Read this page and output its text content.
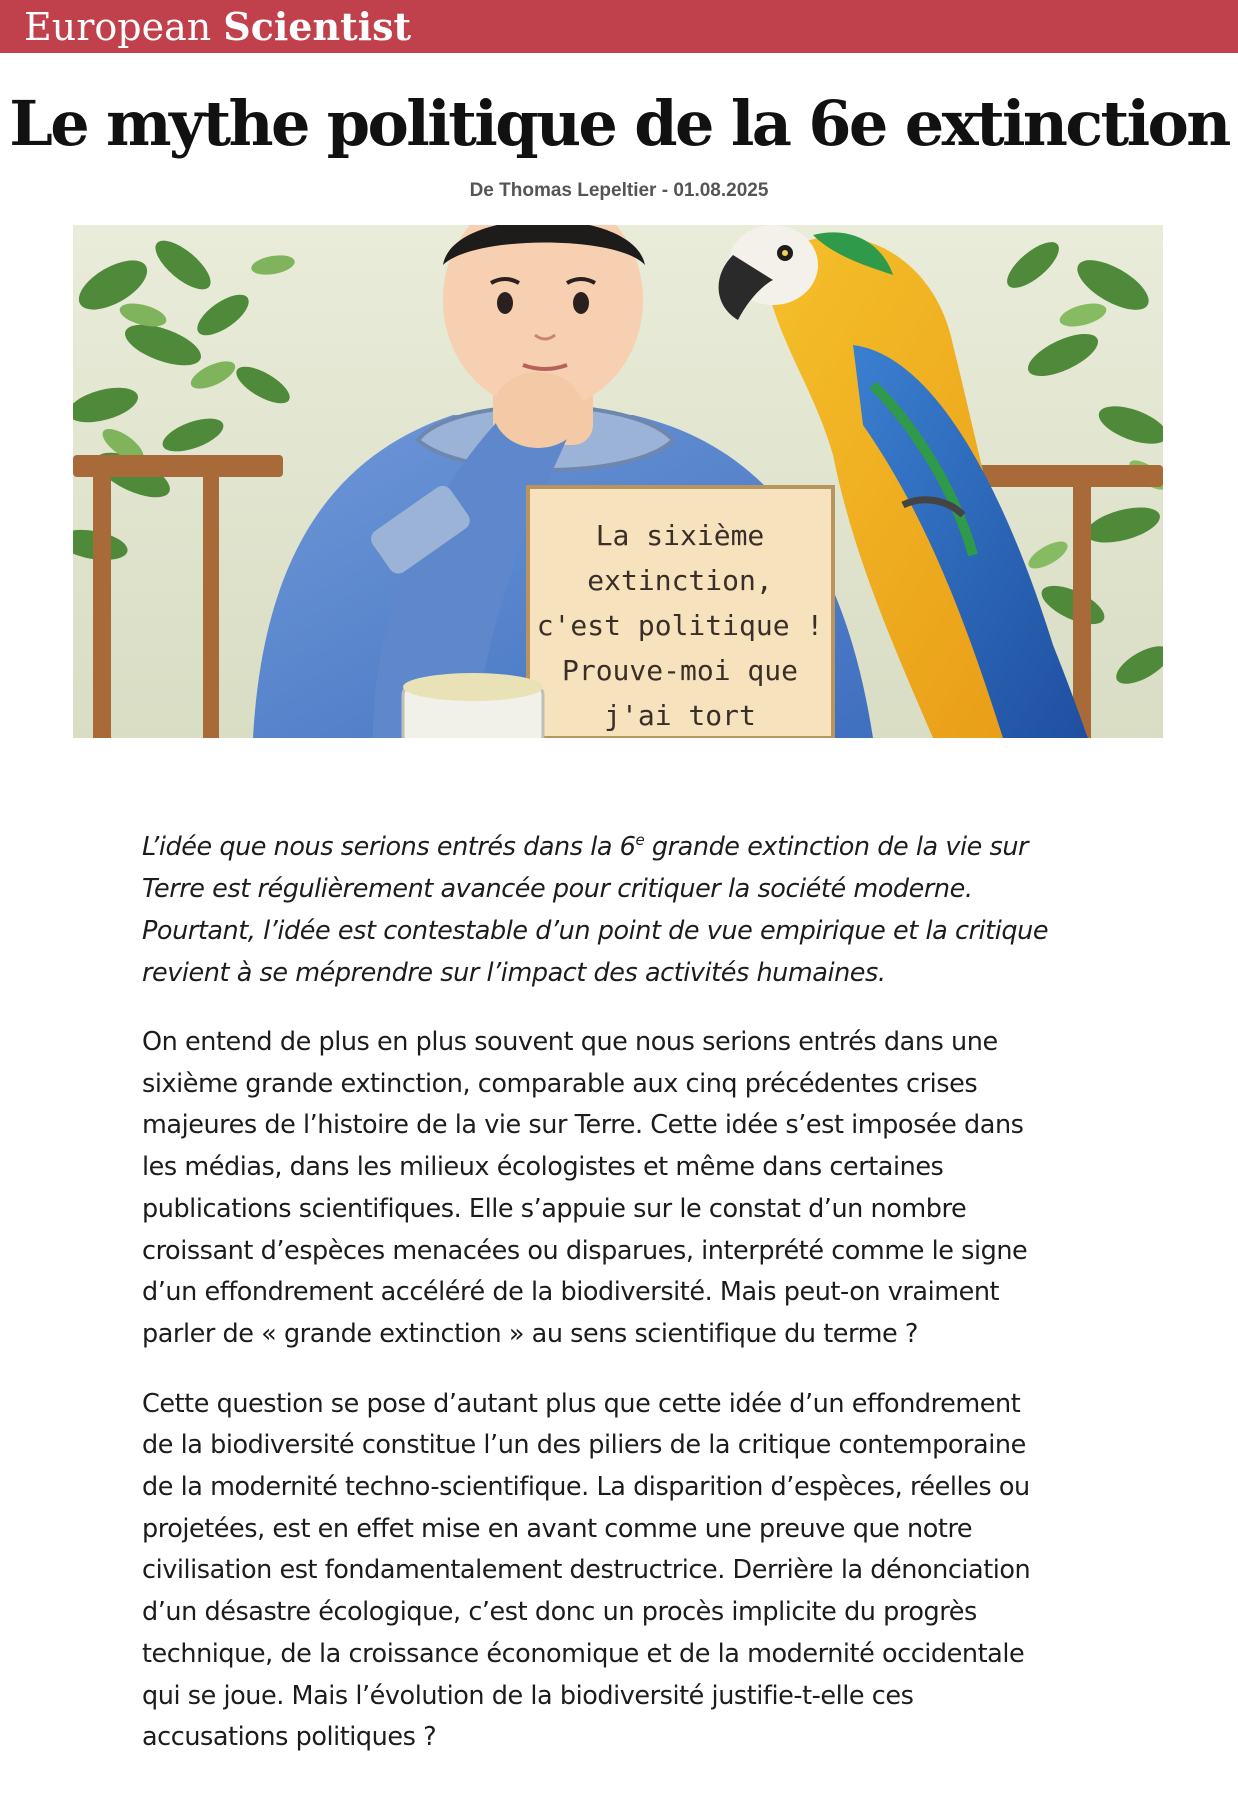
European Scientist
Le mythe politique de la 6e extinction
De Thomas Lepeltier - 01.08.2025
La sixième
extinction,
c'est politique !
Prouve-moi que
j'ai tort

L’idée que nous serions entrés dans la 6e grande extinction de la vie sur
Terre est régulièrement avancée pour critiquer la société moderne.
Pourtant, l’idée est contestable d’un point de vue empirique et la critique
revient à se méprendre sur l’impact des activités humaines.

On entend de plus en plus souvent que nous serions entrés dans une
sixième grande extinction, comparable aux cinq précédentes crises
majeures de l’histoire de la vie sur Terre. Cette idée s’est imposée dans
les médias, dans les milieux écologistes et même dans certaines
publications scientifiques. Elle s’appuie sur le constat d’un nombre
croissant d’espèces menacées ou disparues, interprété comme le signe
d’un effondrement accéléré de la biodiversité. Mais peut-on vraiment
parler de « grande extinction » au sens scientifique du terme ?

Cette question se pose d’autant plus que cette idée d’un effondrement
de la biodiversité constitue l’un des piliers de la critique contemporaine
de la modernité techno-scientifique. La disparition d’espèces, réelles ou
projetées, est en effet mise en avant comme une preuve que notre
civilisation est fondamentalement destructrice. Derrière la dénonciation
d’un désastre écologique, c’est donc un procès implicite du progrès
technique, de la croissance économique et de la modernité occidentale
qui se joue. Mais l’évolution de la biodiversité justifie-t-elle ces
accusations politiques ?
